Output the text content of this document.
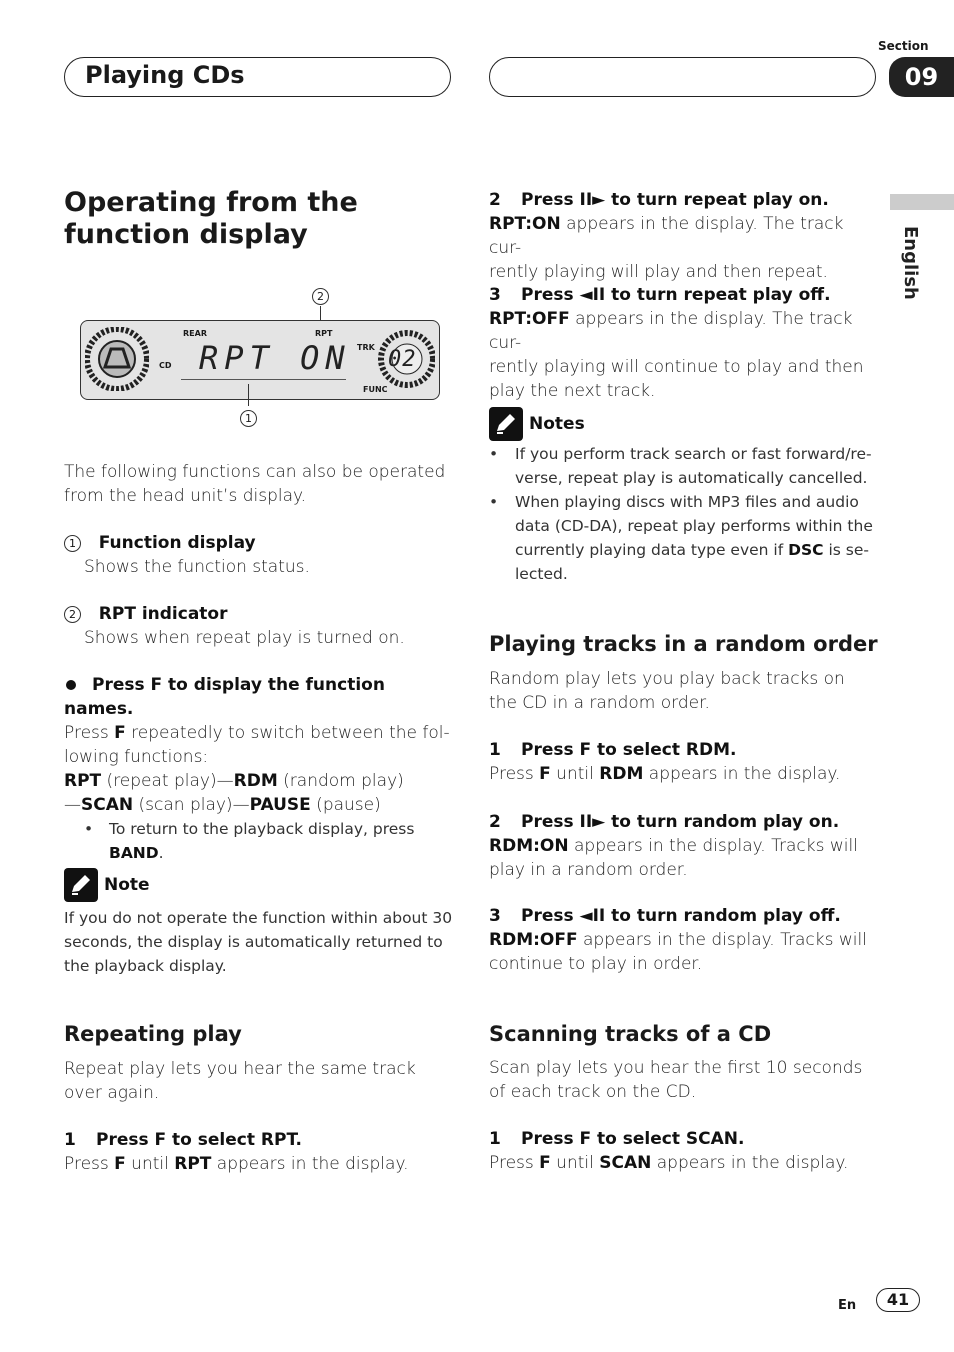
Playing CDs
Section
09
English
Operating from the
function display
2
CD
REAR	RPT
RPT ON TRK
FUNC
02
1

The following functions can also be operated from the head unit’s display.

1 Function display
Shows the function status.
2 RPT indicator
Shows when repeat play is turned on.
Press F to display the function names.
Press F repeatedly to switch between the fol-
lowing functions:
RPT (repeat play)—RDM (random play)
—SCAN (scan play)—PAUSE (pause)
•	To return to the playback display, press
BAND.
Note

If you do not operate the function within about 30 seconds, the display is automatically returned to the playback display.

Repeating play

Repeat play lets you hear the same track over again.

1 Press F to select RPT.
Press F until RPT appears in the display.
2 Press II► to turn repeat play on.
RPT:ON appears in the display. The track cur-
rently playing will play and then repeat.
3 Press ◄II to turn repeat play off.
RPT:OFF appears in the display. The track cur-
rently playing will continue to play and then
play the next track.
Notes
• If you perform track search or fast forward/re-
verse, repeat play is automatically cancelled.
• When playing discs with MP3 files and audio
data (CD-DA), repeat play performs within the
currently playing data type even if DSC is se-
lected.
Playing tracks in a random order

Random play lets you play back tracks on the CD in a random order.

1 Press F to select RDM.
Press F until RDM appears in the display.
2 Press II► to turn random play on.
RDM:ON appears in the display. Tracks will
play in a random order.
3 Press ◄II to turn random play off.
RDM:OFF appears in the display. Tracks will
continue to play in order.
Scanning tracks of a CD

Scan play lets you hear the first 10 seconds of each track on the CD.

1 Press F to select SCAN.
Press F until SCAN appears in the display.
En	41
